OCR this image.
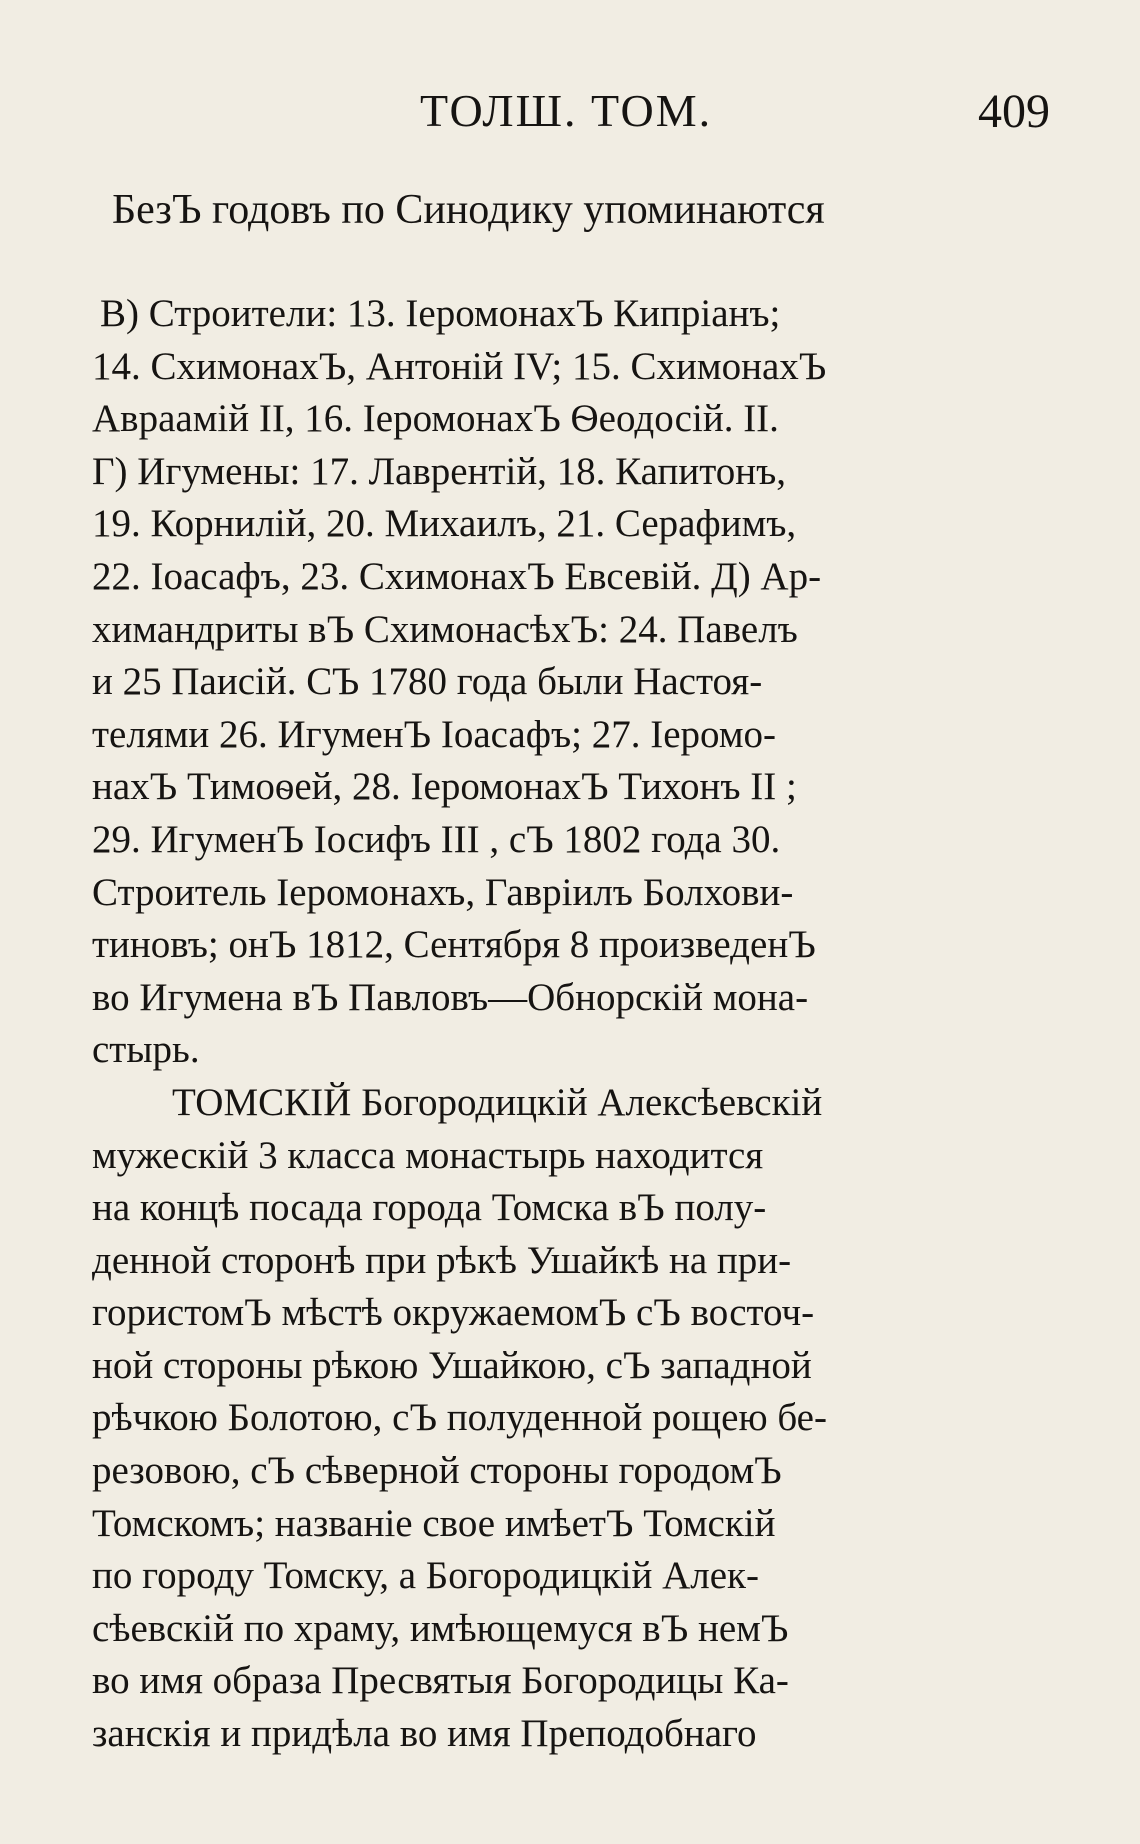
ТОЛШ. ТОМ.	409
БезЪ годовъ по Синодику упоминаются
В) Строители: 13. ІеромонахЪ Кипріанъ;
14. СхимонахЪ, Антоній IV; 15. СхимонахЪ
Авраамій II, 16. ІеромонахЪ Ѳеодосій. II.
Г) Игумены: 17. Лаврентій, 18. Капитонъ,
19. Корнилій, 20. Михаилъ, 21. Серафимъ,
22. Іоасафъ, 23. СхимонахЪ Евсевій. Д) Ар-
химандриты вЪ СхимонасѣхЪ: 24. Павелъ
и 25 Паисій. СЪ 1780 года были Настоя-
телями 26. ИгуменЪ Іоасафъ; 27. Іеромо-
нахЪ Тимоѳей, 28. ІеромонахЪ Тихонъ II ;
29. ИгуменЪ Іосифъ III , сЪ 1802 года 30.
Строитель Іеромонахъ, Гавріилъ Болхови-
тиновъ; онЪ 1812, Сентября 8 произведенЪ
во Игумена вЪ Павловъ—Обнорскій мона-
стырь.
ТОМСКІЙ Богородицкій Алексѣевскій
мужескій 3 класса монастырь находится
на концѣ посада города Томска вЪ полу-
денной сторонѣ при рѣкѣ Ушайкѣ на при-
гористомЪ мѣстѣ окружаемомЪ сЪ восточ-
ной стороны рѣкою Ушайкою, сЪ западной
рѣчкою Болотою, сЪ полуденной рощею бе-
резовою, сЪ сѣверной стороны городомЪ
Томскомъ; названіе свое имѣетЪ Томскій
по городу Томску, а Богородицкій Алек-
сѣевскій по храму, имѣющемуся вЪ немЪ
во имя образа Пресвятыя Богородицы Ка-
занскія и придѣла во имя Преподобнаго
